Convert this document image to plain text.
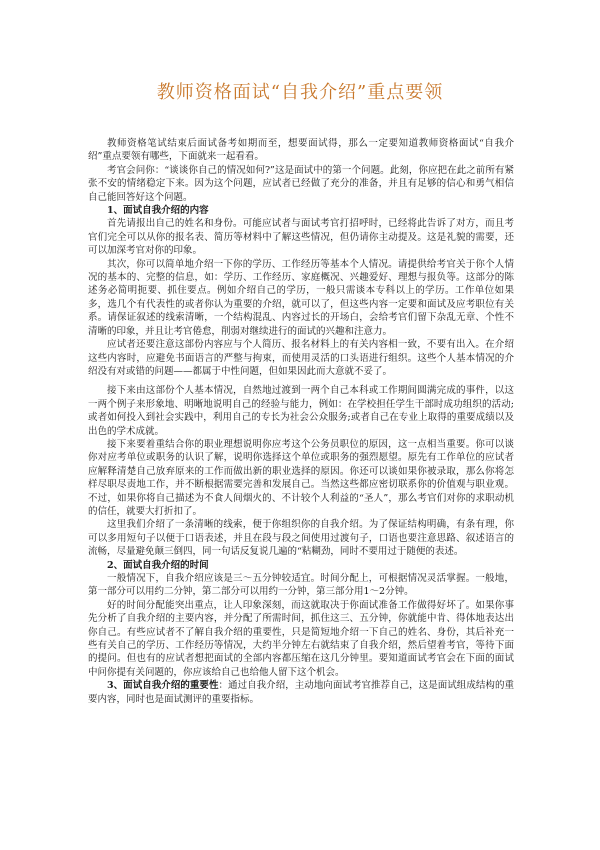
教师资格面试“自我介绍”重点要领

教师资格笔试结束后面试备考如期而至，想要面试得，那么一定要知道教师资格面试“自我介绍”重点要领有哪些，下面就来一起看看。

考官会问你：“谈谈你自己的情况如何?”这是面试中的第一个问题。此刻，你应把在此之前所有紧张不安的情绪稳定下来。因为这个问题，应试者已经做了充分的准备，并且有足够的信心和勇气相信自己能回答好这个问题。

1、面试自我介绍的内容

首先请报出自己的姓名和身份。可能应试者与面试考官打招呼时，已经将此告诉了对方，而且考官们完全可以从你的报名表、简历等材料中了解这些情况，但仍请你主动提及。这是礼貌的需要，还可以加深考官对你的印象。

其次，你可以简单地介绍一下你的学历、工作经历等基本个人情况。请提供给考官关于你个人情况的基本的、完整的信息，如：学历、工作经历、家庭概况、兴趣爱好、理想与报负等。这部分的陈述务必简明扼要、抓住要点。例如介绍自己的学历，一般只需谈本专科以上的学历。工作单位如果多，选几个有代表性的或者你认为重要的介绍，就可以了，但这些内容一定要和面试及应考职位有关系。请保证叙述的线索清晰，一个结构混乱、内容过长的开场白，会给考官们留下杂乱无章、个性不清晰的印象，并且让考官倦怠，削弱对继续进行的面试的兴趣和注意力。

应试者还要注意这部份内容应与个人简历、报名材料上的有关内容相一致，不要有出入。在介绍这些内容时，应避免书面语言的严整与拘束，而使用灵活的口头语进行组织。这些个人基本情况的介绍没有对或错的问题——都属于中性问题，但如果因此而大意就不妥了。

接下来由这部份个人基本情况，自然地过渡到一两个自己本科或工作期间圆满完成的事件，以这一两个例子来形象地、明晰地说明自己的经验与能力，例如：在学校担任学生干部时成功组织的活动;或者如何投入到社会实践中，利用自己的专长为社会公众服务;或者自己在专业上取得的重要成绩以及出色的学术成就。

接下来要着重结合你的职业理想说明你应考这个公务员职位的原因，这一点相当重要。你可以谈你对应考单位或职务的认识了解，说明你选择这个单位或职务的强烈愿望。原先有工作单位的应试者应解释清楚自己放弃原来的工作而做出新的职业选择的原因。你还可以谈如果你被录取，那么你将怎样尽职尽责地工作，并不断根据需要完善和发展自己。当然这些都应密切联系你的价值观与职业观。不过，如果你将自己描述为不食人间烟火的、不计较个人利益的“圣人”，那么考官们对你的求职动机的信任，就要大打折扣了。

这里我们介绍了一条清晰的线索，便于你组织你的自我介绍。为了保证结构明确，有条有理，你可以多用短句子以便于口语表述，并且在段与段之间使用过渡句子，口语也要注意思路、叙述语言的流畅，尽量避免颠三倒四，同一句话反复说几遍的“粘糊劲，同时不要用过于随便的表述。

2、面试自我介绍的时间

一般情况下，自我介绍应该是三～五分钟较适宜。时间分配上，可根据情况灵活掌握。一般地，第一部分可以用约二分钟，第二部分可以用约一分钟，第三部分用1～2分钟。

好的时间分配能突出重点，让人印象深刻，而这就取决于你面试准备工作做得好坏了。如果你事先分析了自我介绍的主要内容，并分配了所需时间，抓住这三、五分钟，你就能中肯、得体地表达出你自己。有些应试者不了解自我介绍的重要性，只是简短地介绍一下自己的姓名、身份，其后补充一些有关自己的学历、工作经历等情况，大约半分钟左右就结束了自我介绍，然后望着考官，等待下面的提问。但也有的应试者想把面试的全部内容都压缩在这几分钟里。要知道面试考官会在下面的面试中问你提有关问题的，你应该给自己也给他人留下这个机会。

3、面试自我介绍的重要性：通过自我介绍，主动地向面试考官推荐自己，这是面试组成结构的重要内容，同时也是面试测评的重要指标。
